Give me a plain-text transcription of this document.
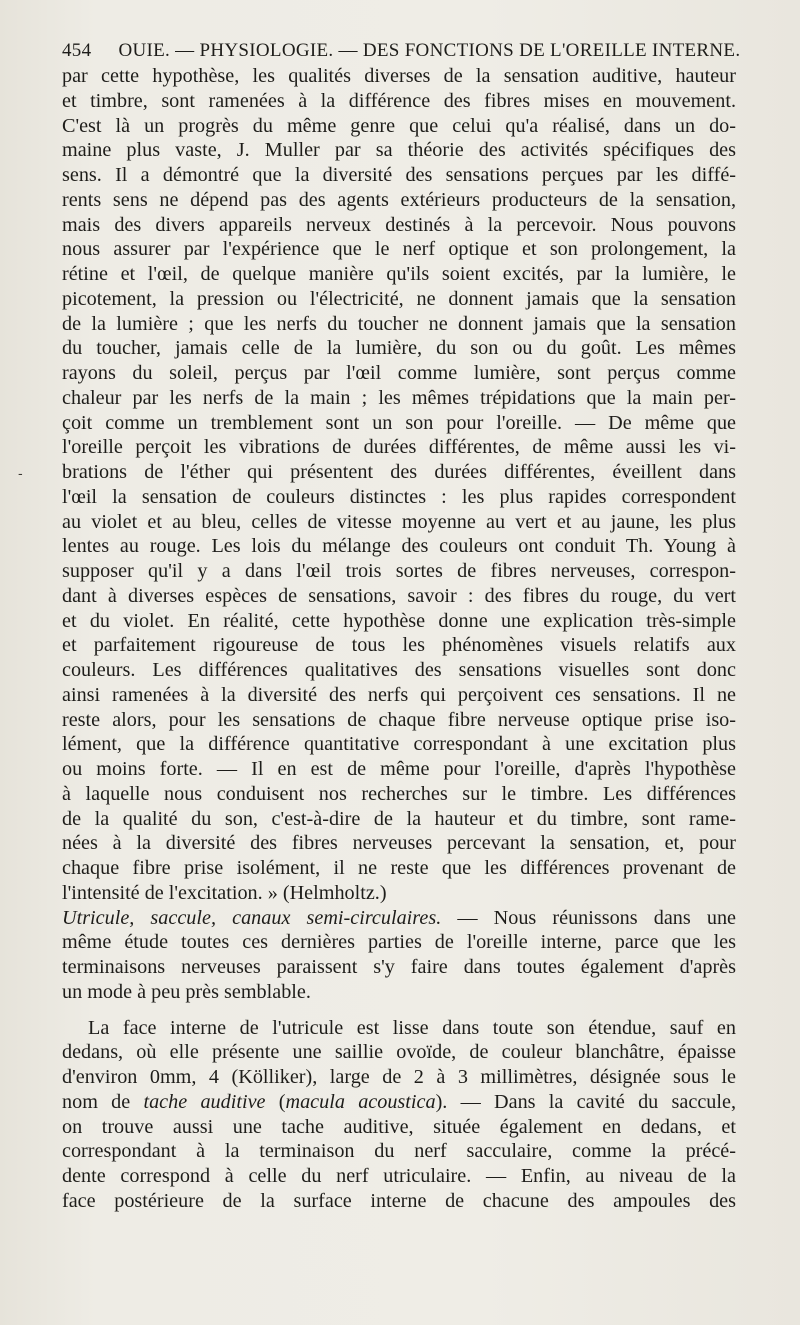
454 OUIE. — PHYSIOLOGIE. — DES FONCTIONS DE L'OREILLE INTERNE.
-
par cette hypothèse, les qualités diverses de la sensation auditive, hauteur
et timbre, sont ramenées à la différence des fibres mises en mouvement.
C'est là un progrès du même genre que celui qu'a réalisé, dans un do-
maine plus vaste, J. Muller par sa théorie des activités spécifiques des
sens. Il a démontré que la diversité des sensations perçues par les diffé-
rents sens ne dépend pas des agents extérieurs producteurs de la sensation,
mais des divers appareils nerveux destinés à la percevoir. Nous pouvons
nous assurer par l'expérience que le nerf optique et son prolongement, la
rétine et l'œil, de quelque manière qu'ils soient excités, par la lumière, le
picotement, la pression ou l'électricité, ne donnent jamais que la sensation
de la lumière ; que les nerfs du toucher ne donnent jamais que la sensation
du toucher, jamais celle de la lumière, du son ou du goût. Les mêmes
rayons du soleil, perçus par l'œil comme lumière, sont perçus comme
chaleur par les nerfs de la main ; les mêmes trépidations que la main per-
çoit comme un tremblement sont un son pour l'oreille. — De même que
l'oreille perçoit les vibrations de durées différentes, de même aussi les vi-
brations de l'éther qui présentent des durées différentes, éveillent dans
l'œil la sensation de couleurs distinctes : les plus rapides correspondent
au violet et au bleu, celles de vitesse moyenne au vert et au jaune, les plus
lentes au rouge. Les lois du mélange des couleurs ont conduit Th. Young à
supposer qu'il y a dans l'œil trois sortes de fibres nerveuses, correspon-
dant à diverses espèces de sensations, savoir : des fibres du rouge, du vert
et du violet. En réalité, cette hypothèse donne une explication très-simple
et parfaitement rigoureuse de tous les phénomènes visuels relatifs aux
couleurs. Les différences qualitatives des sensations visuelles sont donc
ainsi ramenées à la diversité des nerfs qui perçoivent ces sensations. Il ne
reste alors, pour les sensations de chaque fibre nerveuse optique prise iso-
lément, que la différence quantitative correspondant à une excitation plus
ou moins forte. — Il en est de même pour l'oreille, d'après l'hypothèse
à laquelle nous conduisent nos recherches sur le timbre. Les différences
de la qualité du son, c'est-à-dire de la hauteur et du timbre, sont rame-
nées à la diversité des fibres nerveuses percevant la sensation, et, pour
chaque fibre prise isolément, il ne reste que les différences provenant de
l'intensité de l'excitation. » (Helmholtz.)
Utricule, saccule, canaux semi-circulaires. — Nous réunissons dans une
même étude toutes ces dernières parties de l'oreille interne, parce que les
terminaisons nerveuses paraissent s'y faire dans toutes également d'après
un mode à peu près semblable.
La face interne de l'utricule est lisse dans toute son étendue, sauf en
dedans, où elle présente une saillie ovoïde, de couleur blanchâtre, épaisse
d'environ 0mm, 4 (Kölliker), large de 2 à 3 millimètres, désignée sous le
nom de tache auditive (macula acoustica). — Dans la cavité du saccule,
on trouve aussi une tache auditive, située également en dedans, et
correspondant à la terminaison du nerf sacculaire, comme la précé-
dente correspond à celle du nerf utriculaire. — Enfin, au niveau de la
face postérieure de la surface interne de chacune des ampoules des
